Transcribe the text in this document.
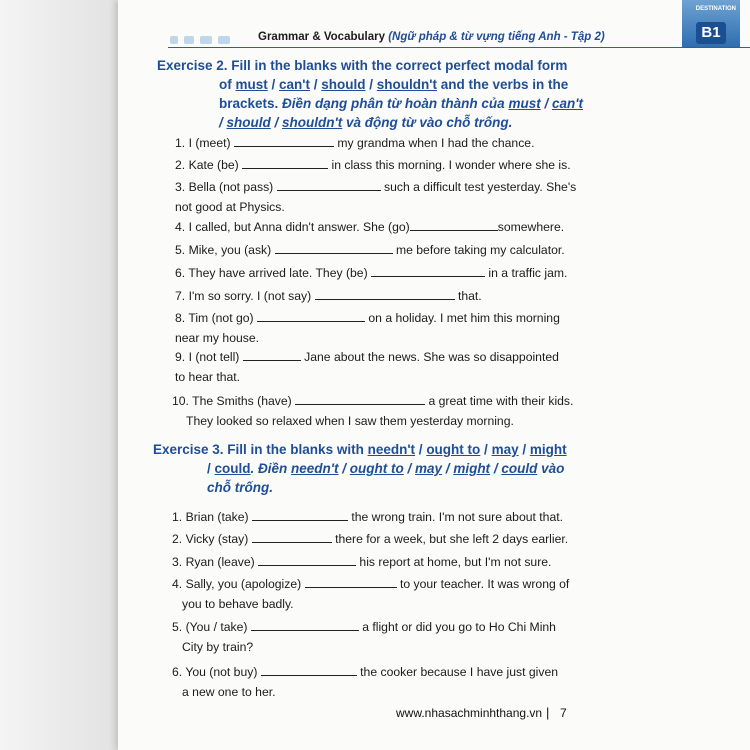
Grammar & Vocabulary (Ngữ pháp & từ vựng tiếng Anh - Tập 2)
DESTINATION
B1
Exercise 2. Fill in the blanks with the correct perfect modal form
of must / can't / should / shouldn't and the verbs in the
brackets. Điền dạng phân từ hoàn thành của must / can't
/ should / shouldn't và động từ vào chỗ trống.
1. I (meet)	my grandma when I had the chance.
2. Kate (be)	in class this morning. I wonder where she is.
3. Bella (not pass)	such a difficult test yesterday. She's
not good at Physics.
4. I called, but Anna didn't answer. She (go)	somewhere.
5. Mike, you (ask)	me before taking my calculator.
6. They have arrived late. They (be)	in a traffic jam.
7. I'm so sorry. I (not say)	that.
8. Tim (not go)	on a holiday. I met him this morning
near my house.
9. I (not tell)	Jane about the news. She was so disappointed
to hear that.
10. The Smiths (have)	a great time with their kids.
They looked so relaxed when I saw them yesterday morning.
Exercise 3. Fill in the blanks with needn't / ought to / may / might
/ could. Điền needn't / ought to / may / might / could vào
chỗ trống.
1. Brian (take)	the wrong train. I'm not sure about that.
2. Vicky (stay)	there for a week, but she left 2 days earlier.
3. Ryan (leave)	his report at home, but I'm not sure.
4. Sally, you (apologize)	to your teacher. It was wrong of
you to behave badly.
5. (You / take)	a flight or did you go to Ho Chi Minh
City by train?
6. You (not buy)	the cooker because I have just given
a new one to her.
www.nhasachminhthang.vn | 7
